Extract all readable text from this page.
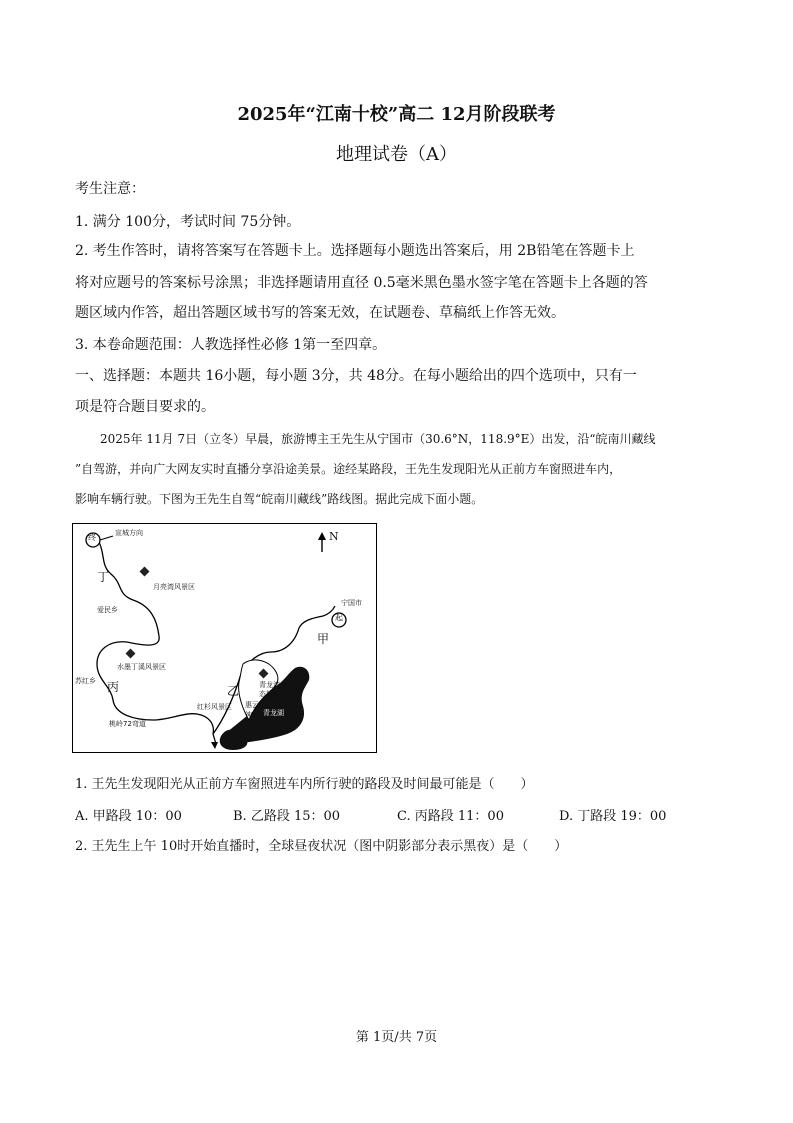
2025年“江南十校”高二 12月阶段联考
地理试卷（A）
考生注意：
1. 满分 100分，考试时间 75分钟。
2. 考生作答时，请将答案写在答题卡上。选择题每小题选出答案后，用 2B铅笔在答题卡上
将对应题号的答案标号涂黑；非选择题请用直径 0.5毫米黑色墨水签字笔在答题卡上各题的答
题区域内作答，超出答题区域书写的答案无效，在试题卷、草稿纸上作答无效。
3. 本卷命题范围：人教选择性必修 1第一至四章。
一、选择题：本题共 16小题，每小题 3分，共 48分。在每小题给出的四个选项中，只有一
项是符合题目要求的。
2025年 11月 7日（立冬）早晨，旅游博主王先生从宁国市（30.6°N，118.9°E）出发，沿“皖南川藏线
”自驾游，并向广大网友实时直播分享沿途美景。途经某路段，王先生发现阳光从正前方车窗照进车内，
影响车辆行驶。下图为王先生自驾“皖南川藏线”路线图。据此完成下面小题。
终
起
N
宣城方向
丁
月亮湾风景区
爱民乡
水墨丁溪风景区
苏红乡 丙
桃岭72弯道
红杉风景区
乙	青龙湾生
态旅游区
惠云
神寺 青龙湖
宁国市
甲
1. 王先生发现阳光从正前方车窗照进车内所行驶的路段及时间最可能是（　　）
A. 甲路段 10：00	B. 乙路段 15：00	C. 丙路段 11：00	D. 丁路段 19：00
2. 王先生上午 10时开始直播时，全球昼夜状况（图中阴影部分表示黑夜）是（　　）
第 1页/共 7页
